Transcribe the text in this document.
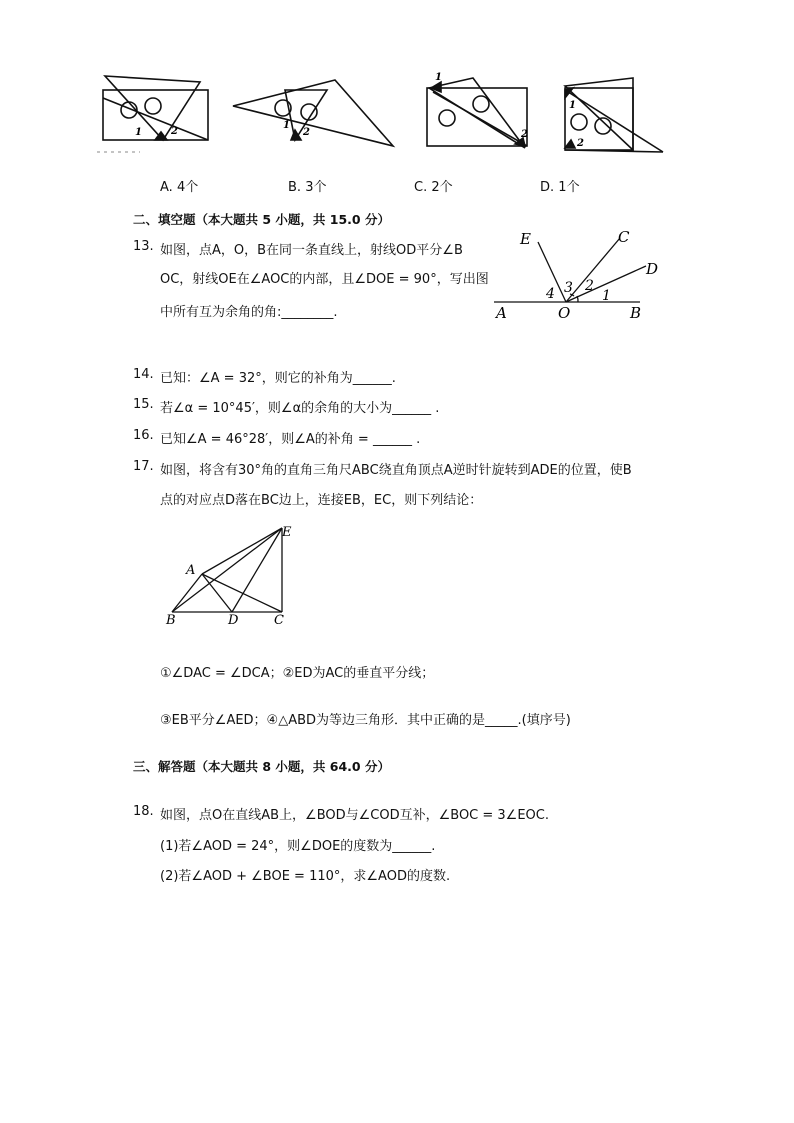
1	2
1
2
1
2
1
2
A. 4个	B. 3个	C. 2个	D. 1个
二、填空题（本大题共 5 小题，共 15.0 分）
13. 如图，点A，O，B在同一条直线上，射线OD平分∠B
OC，射线OE在∠AOC的内部，且∠DOE = 90°，写出图
中所有互为余角的角:________.
E	C
D
A	O	B
1
2
3
4
14. 已知：∠A = 32°，则它的补角为______.
15. 若∠α = 10°45′，则∠α的余角的大小为______ .
16. 已知∠A = 46°28′，则∠A的补角 = ______ .
17. 如图，将含有30°角的直角三角尺ABC绕直角顶点A逆时针旋转到ADE的位置，使B
点的对应点D落在BC边上，连接EB，EC，则下列结论：
E
A
B	D	C
①∠DAC = ∠DCA；②ED为AC的垂直平分线；
③EB平分∠AED；④△ABD为等边三角形．其中正确的是_____.(填序号)
三、解答题（本大题共 8 小题，共 64.0 分）
18. 如图，点O在直线AB上，∠BOD与∠COD互补，∠BOC = 3∠EOC.
(1)若∠AOD = 24°，则∠DOE的度数为______.
(2)若∠AOD + ∠BOE = 110°，求∠AOD的度数.
